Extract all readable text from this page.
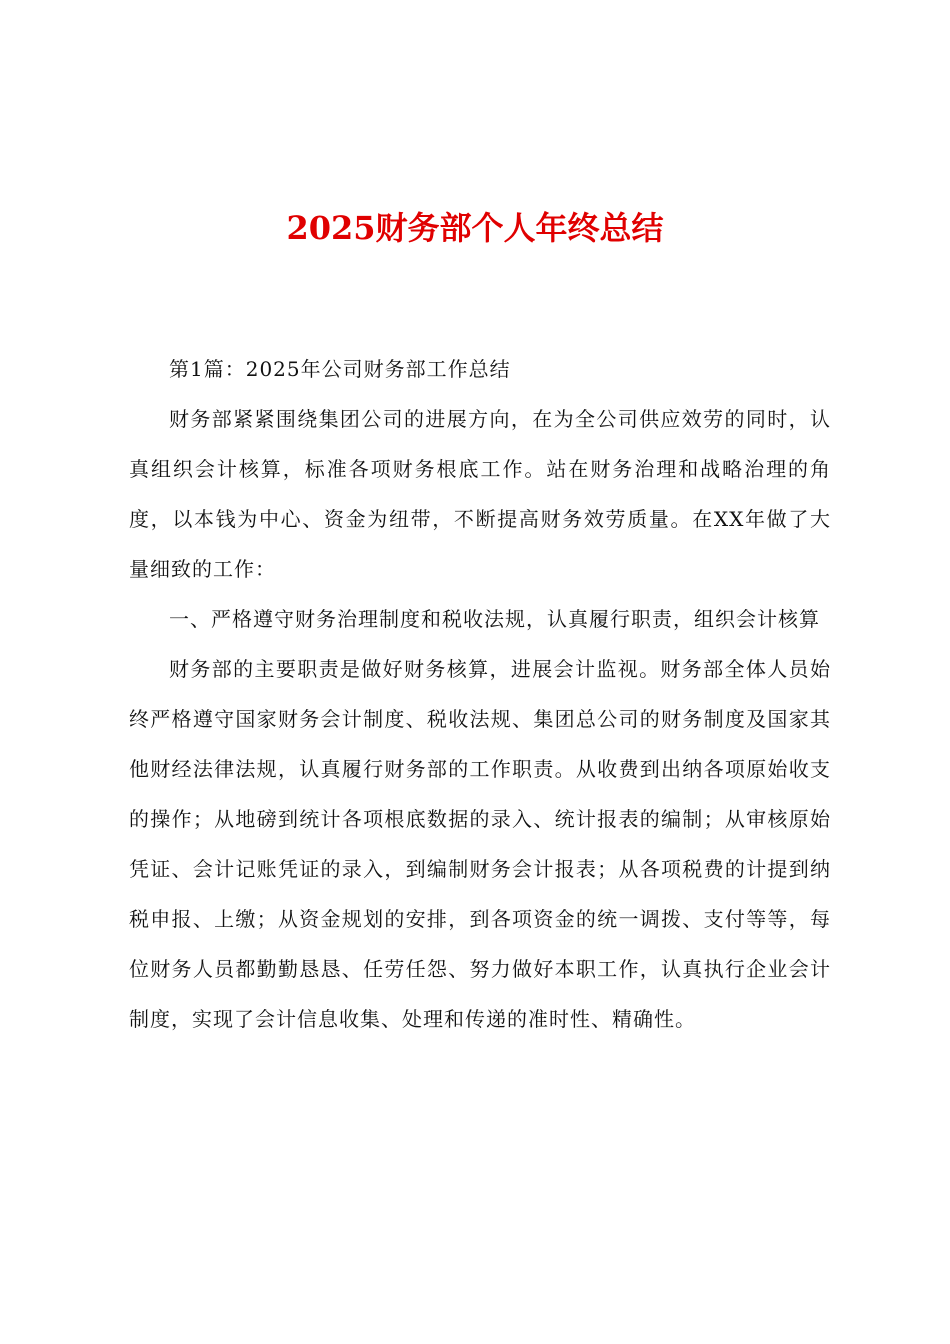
2025财务部个人年终总结

第1篇：2025年公司财务部工作总结

财务部紧紧围绕集团公司的进展方向，在为全公司供应效劳的同时，认真组织会计核算，标准各项财务根底工作。站在财务治理和战略治理的角度，以本钱为中心、资金为纽带，不断提高财务效劳质量。在XX年做了大量细致的工作：

一、严格遵守财务治理制度和税收法规，认真履行职责，组织会计核算

财务部的主要职责是做好财务核算，进展会计监视。财务部全体人员始终严格遵守国家财务会计制度、税收法规、集团总公司的财务制度及国家其他财经法律法规，认真履行财务部的工作职责。从收费到出纳各项原始收支的操作；从地磅到统计各项根底数据的录入、统计报表的编制；从审核原始凭证、会计记账凭证的录入，到编制财务会计报表；从各项税费的计提到纳税申报、上缴；从资金规划的安排，到各项资金的统一调拨、支付等等，每位财务人员都勤勤恳恳、任劳任怨、努力做好本职工作，认真执行企业会计制度，实现了会计信息收集、处理和传递的准时性、精确性。
